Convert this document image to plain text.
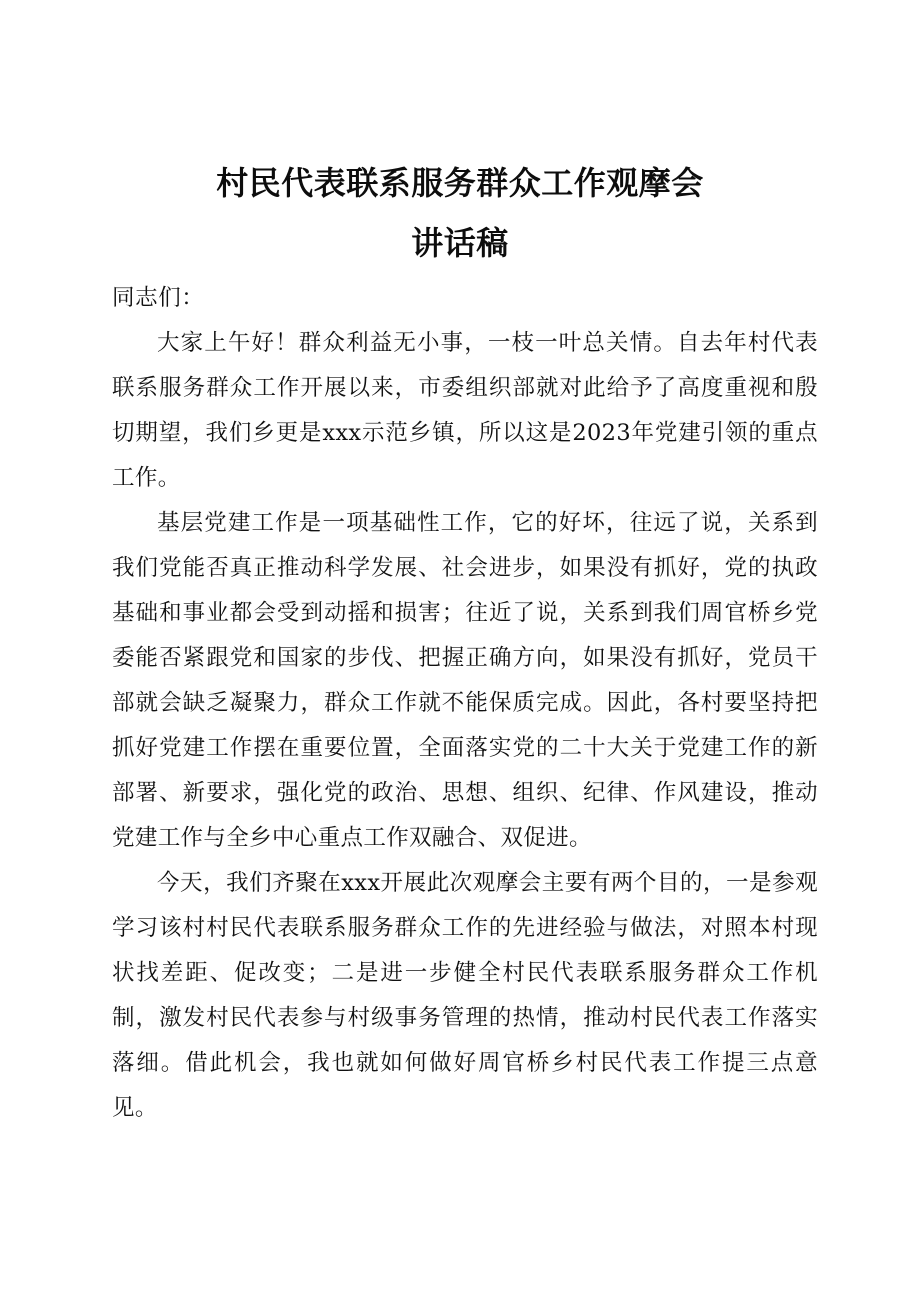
村民代表联系服务群众工作观摩会
讲话稿

同志们：

大家上午好！群众利益无小事，一枝一叶总关情。自去年村代表联系服务群众工作开展以来，市委组织部就对此给予了高度重视和殷切期望，我们乡更是xxx示范乡镇，所以这是2023年党建引领的重点工作。

基层党建工作是一项基础性工作，它的好坏，往远了说，关系到我们党能否真正推动科学发展、社会进步，如果没有抓好，党的执政基础和事业都会受到动摇和损害；往近了说，关系到我们周官桥乡党委能否紧跟党和国家的步伐、把握正确方向，如果没有抓好，党员干部就会缺乏凝聚力，群众工作就不能保质完成。因此，各村要坚持把抓好党建工作摆在重要位置，全面落实党的二十大关于党建工作的新部署、新要求，强化党的政治、思想、组织、纪律、作风建设，推动党建工作与全乡中心重点工作双融合、双促进。

今天，我们齐聚在xxx开展此次观摩会主要有两个目的，一是参观学习该村村民代表联系服务群众工作的先进经验与做法，对照本村现状找差距、促改变；二是进一步健全村民代表联系服务群众工作机制，激发村民代表参与村级事务管理的热情，推动村民代表工作落实落细。借此机会，我也就如何做好周官桥乡村民代表工作提三点意见。
